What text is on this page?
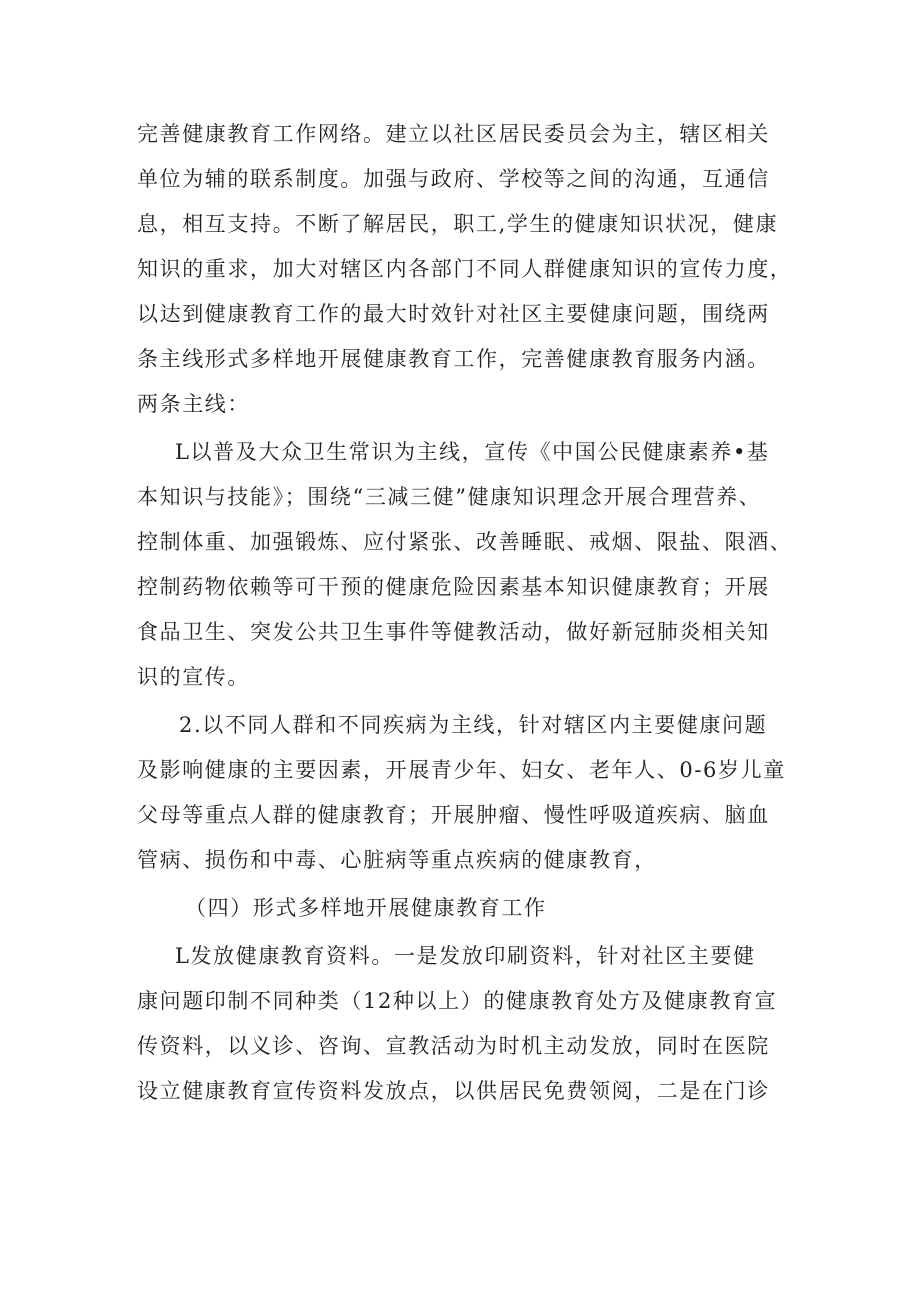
完善健康教育工作网络。建立以社区居民委员会为主，辖区相关
单位为辅的联系制度。加强与政府、学校等之间的沟通，互通信
息，相互支持。不断了解居民，职工,学生的健康知识状况，健康
知识的重求，加大对辖区内各部门不同人群健康知识的宣传力度，
以达到健康教育工作的最大时效针对社区主要健康问题，围绕两
条主线形式多样地开展健康教育工作，完善健康教育服务内涵。
两条主线：
L以普及大众卫生常识为主线，宣传《中国公民健康素养•基
本知识与技能》；围绕“三减三健”健康知识理念开展合理营养、
控制体重、加强锻炼、应付紧张、改善睡眠、戒烟、限盐、限酒、
控制药物依赖等可干预的健康危险因素基本知识健康教育；开展
食品卫生、突发公共卫生事件等健教活动，做好新冠肺炎相关知
识的宣传。
2.以不同人群和不同疾病为主线，针对辖区内主要健康问题
及影响健康的主要因素，开展青少年、妇女、老年人、0-6岁儿童
父母等重点人群的健康教育；开展肿瘤、慢性呼吸道疾病、脑血
管病、损伤和中毒、心脏病等重点疾病的健康教育，
（四）形式多样地开展健康教育工作
L发放健康教育资料。一是发放印刷资料，针对社区主要健
康问题印制不同种类（12种以上）的健康教育处方及健康教育宣
传资料，以义诊、咨询、宣教活动为时机主动发放，同时在医院
设立健康教育宣传资料发放点，以供居民免费领阅，二是在门诊
